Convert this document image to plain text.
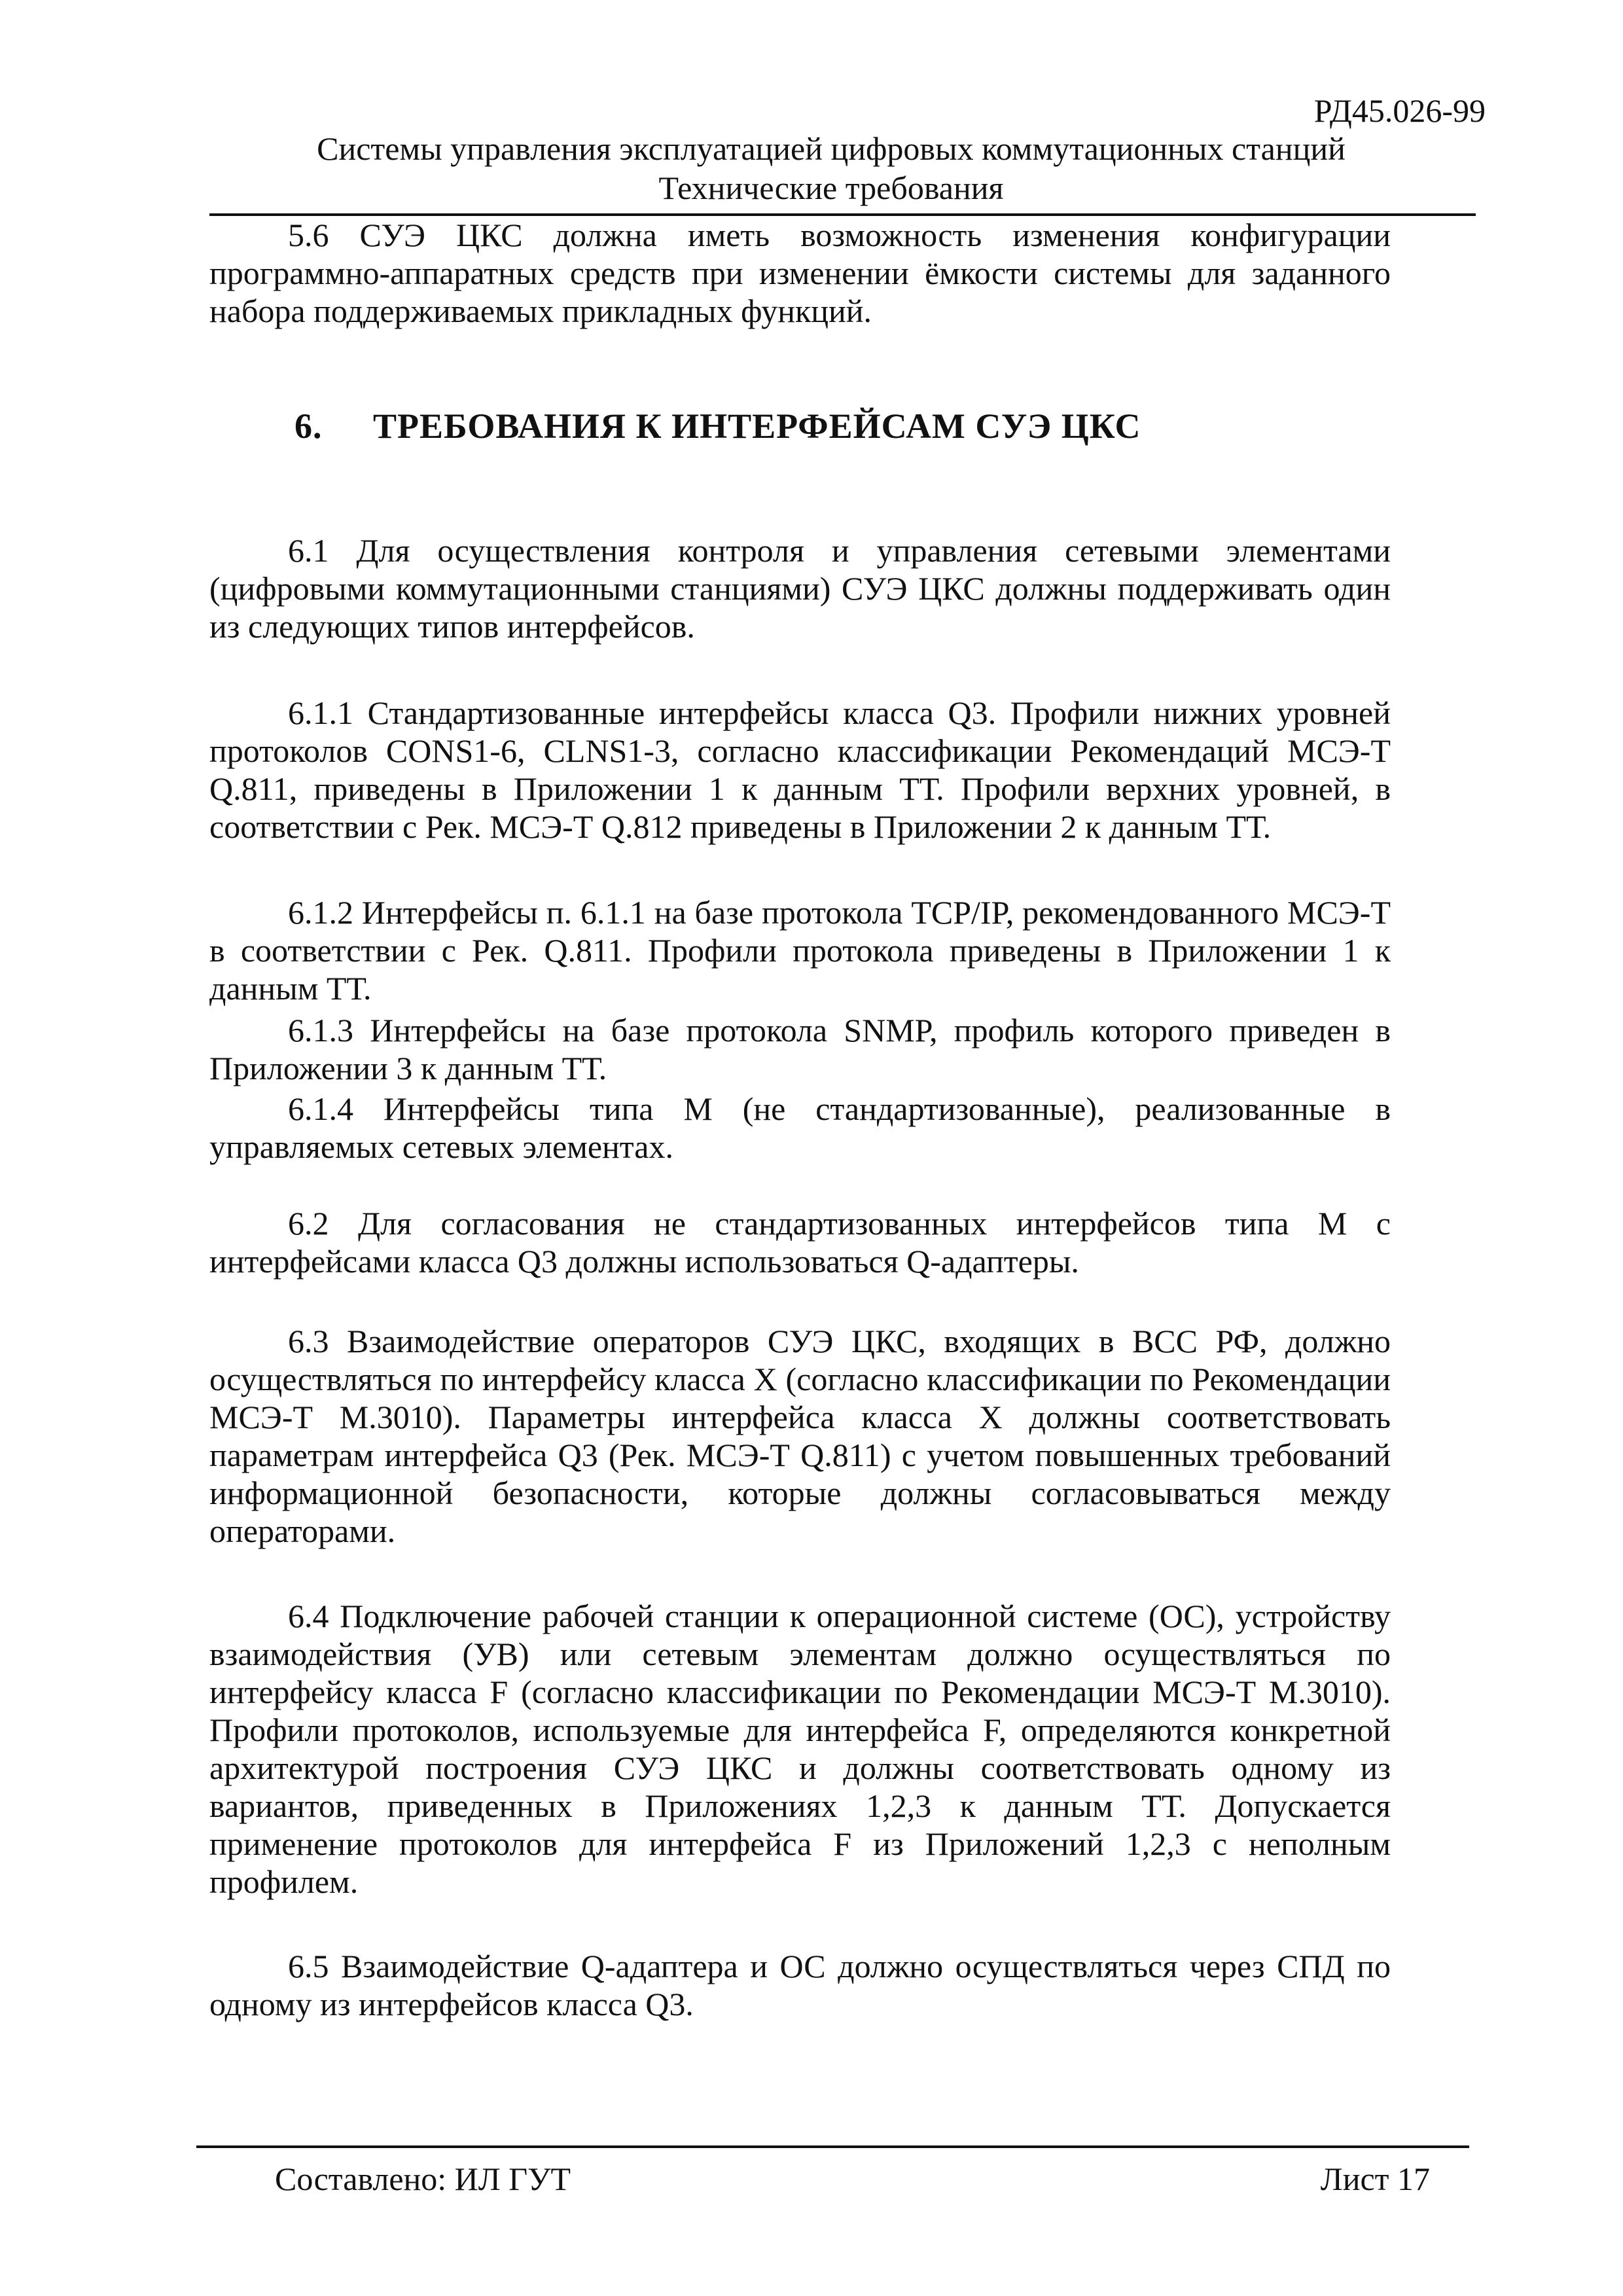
РД45.026-99
Системы управления эксплуатацией цифровых коммутационных станций
Технические требования

5.6 СУЭ ЦКС должна иметь возможность изменения конфигурации программно-аппаратных средств при изменении ёмкости системы для заданного набора поддерживаемых прикладных функций.

6. ТРЕБОВАНИЯ К ИНТЕРФЕЙСАМ СУЭ ЦКС

6.1 Для осуществления контроля и управления сетевыми элементами (цифровыми коммутационными станциями) СУЭ ЦКС должны поддерживать один из следующих типов интерфейсов.

6.1.1 Стандартизованные интерфейсы класса Q3. Профили нижних уровней протоколов CONS1-6, CLNS1-3, согласно классификации Рекомендаций МСЭ-Т Q.811, приведены в Приложении 1 к данным ТТ. Профили верхних уровней, в соответствии с Рек. МСЭ-Т Q.812 приведены в Приложении 2 к данным ТТ.

6.1.2 Интерфейсы п. 6.1.1 на базе протокола TCP/IP, рекомендованного МСЭ-Т в соответствии с Рек. Q.811. Профили протокола приведены в Приложении 1 к данным ТТ.

6.1.3 Интерфейсы на базе протокола SNMP, профиль которого приведен в Приложении 3 к данным ТТ.

6.1.4 Интерфейсы типа М (не стандартизованные), реализованные в управляемых сетевых элементах.

6.2 Для согласования не стандартизованных интерфейсов типа М с интерфейсами класса Q3 должны использоваться Q-адаптеры.

6.3 Взаимодействие операторов СУЭ ЦКС, входящих в ВСС РФ, должно осуществляться по интерфейсу класса X (согласно классификации по Рекомендации МСЭ-Т М.3010). Параметры интерфейса класса X должны соответствовать параметрам интерфейса Q3 (Рек. МСЭ-Т Q.811) с учетом повышенных требований информационной безопасности, которые должны согласовываться между операторами.

6.4 Подключение рабочей станции к операционной системе (ОС), устройству взаимодействия (УВ) или сетевым элементам должно осуществляться по интерфейсу класса F (согласно классификации по Рекомендации МСЭ-Т М.3010). Профили протоколов, используемые для интерфейса F, определяются конкретной архитектурой построения СУЭ ЦКС и должны соответствовать одному из вариантов, приведенных в Приложениях 1,2,3 к данным ТТ. Допускается применение протоколов для интерфейса F из Приложений 1,2,3 с неполным профилем.

6.5 Взаимодействие Q-адаптера и ОС должно осуществляться через СПД по одному из интерфейсов класса Q3.

Составлено: ИЛ ГУТ	Лист 17
